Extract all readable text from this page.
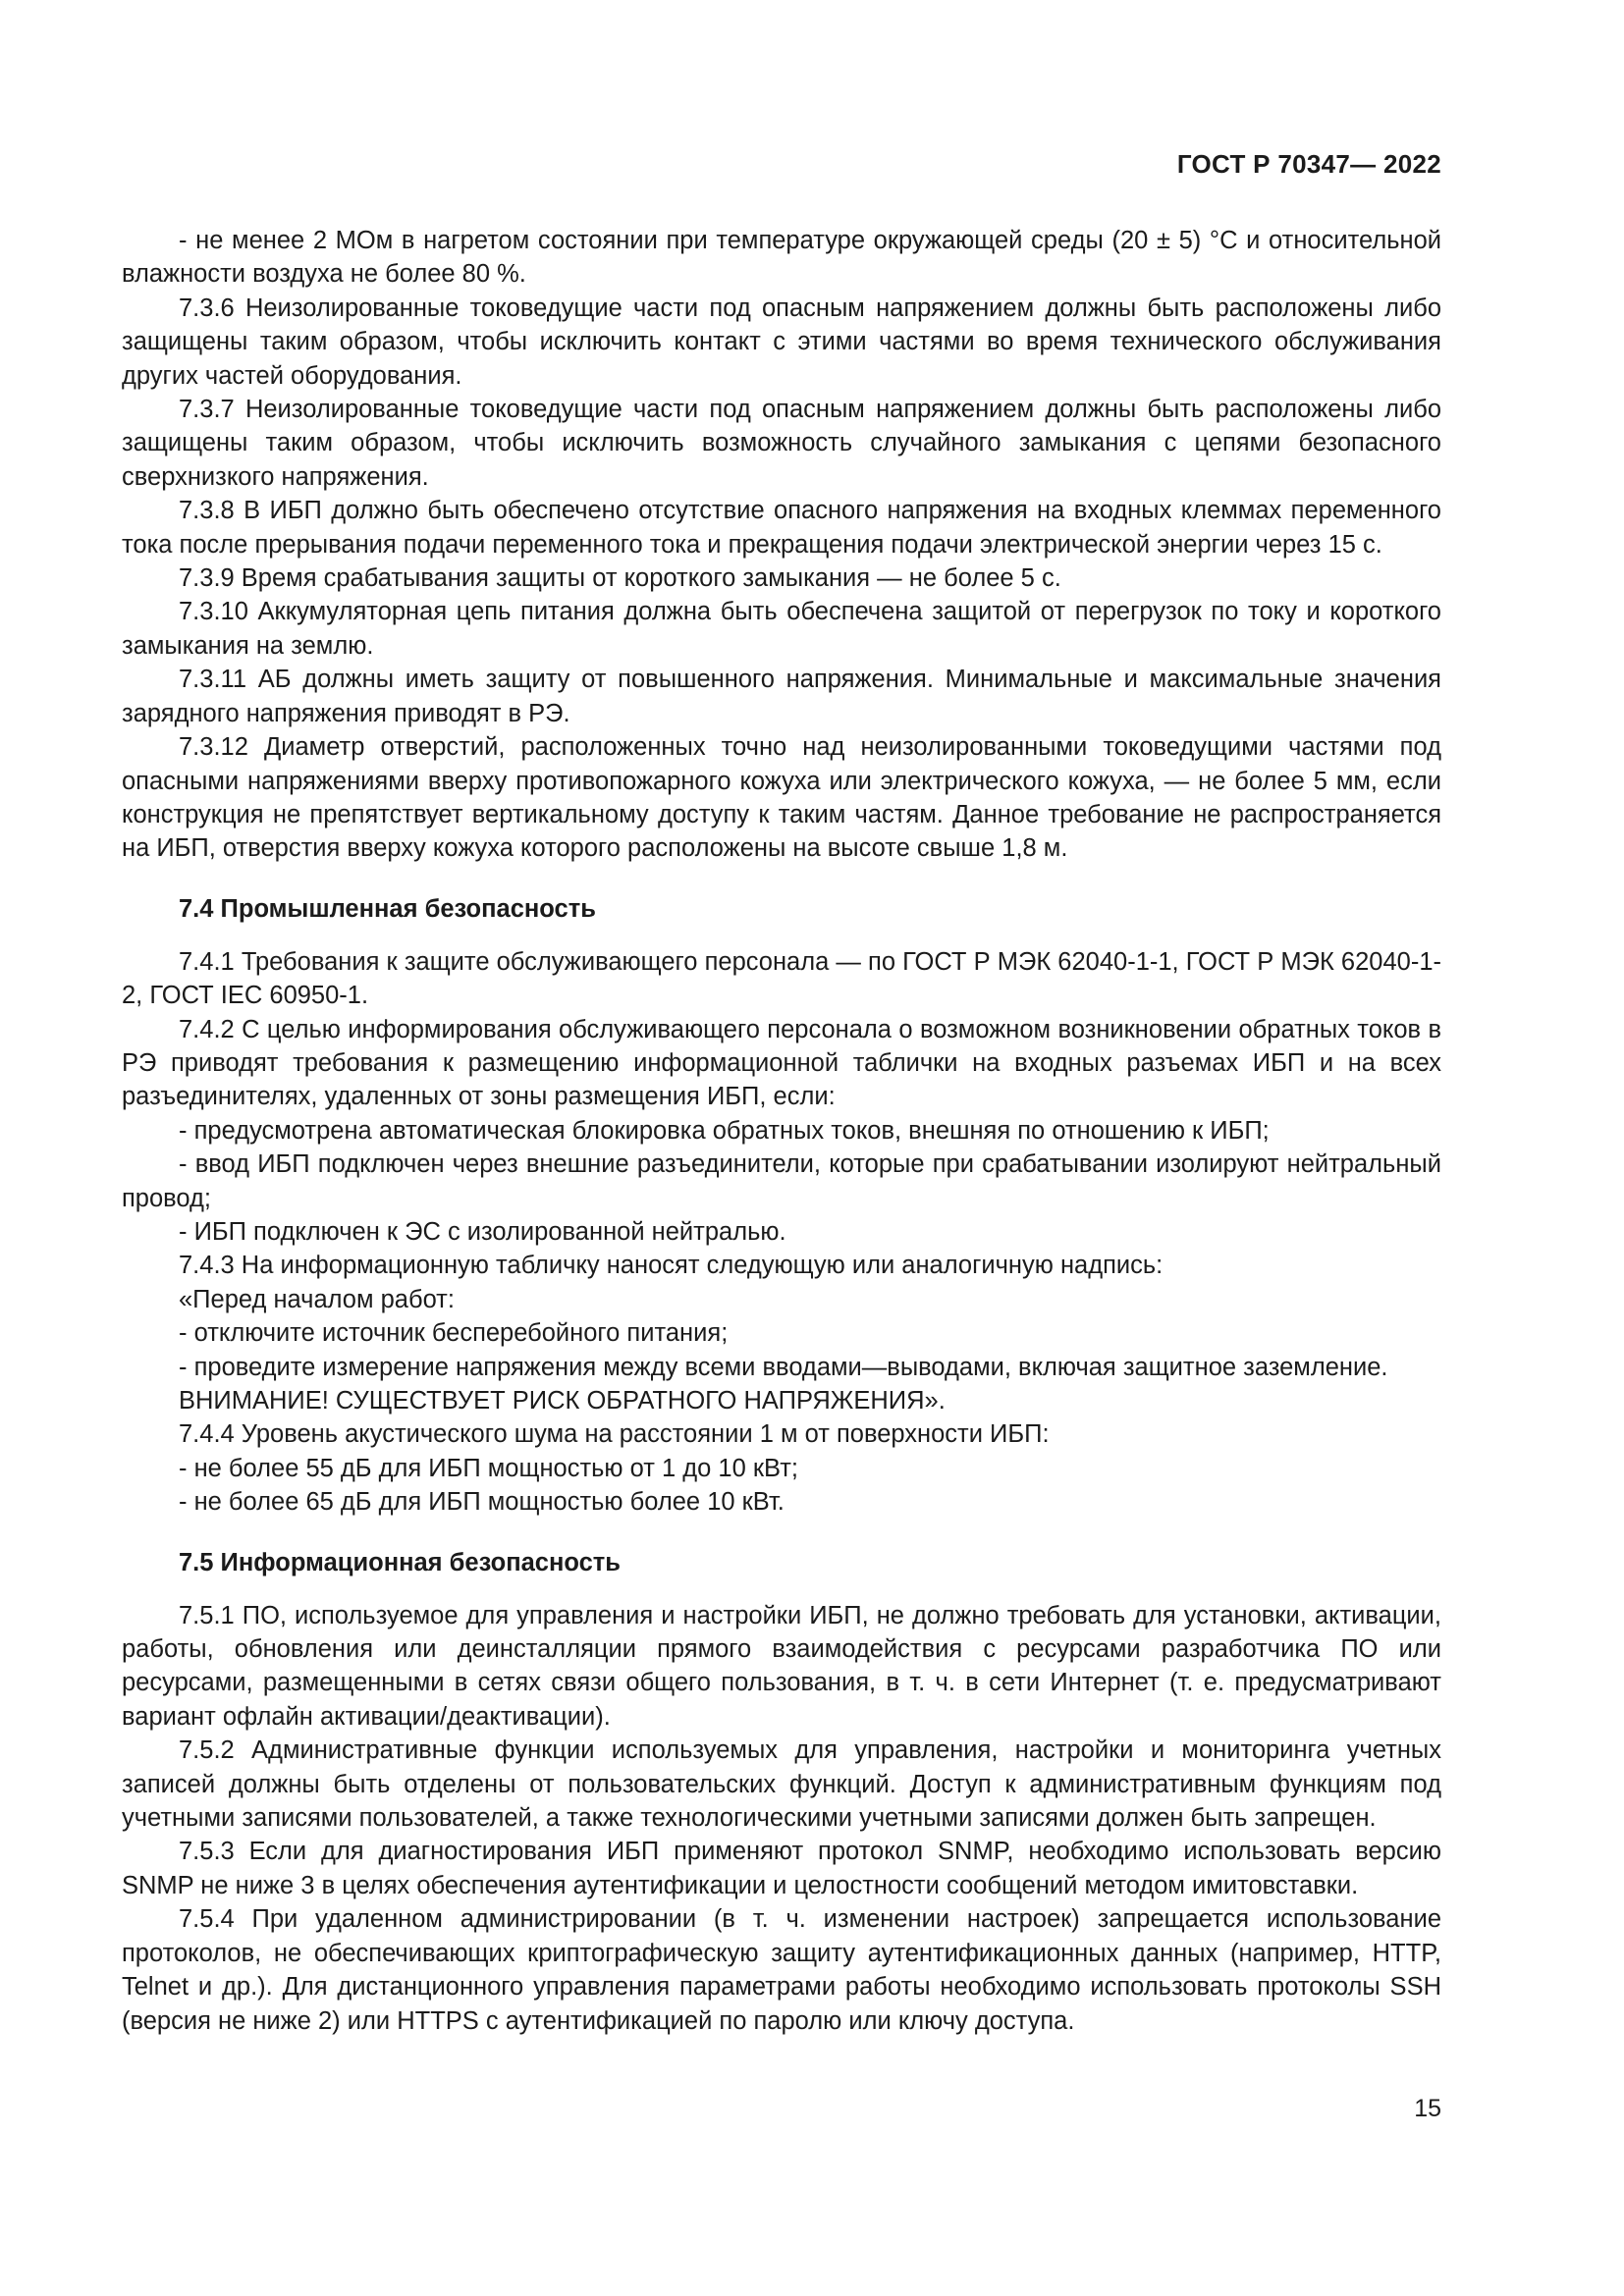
ГОСТ Р 70347— 2022

- не менее 2 МОм в нагретом состоянии при температуре окружающей среды (20 ± 5) °С и относительной влажности воздуха не более 80 %.

7.3.6 Неизолированные токоведущие части под опасным напряжением должны быть расположены либо защищены таким образом, чтобы исключить контакт с этими частями во время технического обслуживания других частей оборудования.

7.3.7 Неизолированные токоведущие части под опасным напряжением должны быть расположены либо защищены таким образом, чтобы исключить возможность случайного замыкания с цепями безопасного сверхнизкого напряжения.

7.3.8 В ИБП должно быть обеспечено отсутствие опасного напряжения на входных клеммах переменного тока после прерывания подачи переменного тока и прекращения подачи электрической энергии через 15 с.

7.3.9 Время срабатывания защиты от короткого замыкания — не более 5 с.

7.3.10 Аккумуляторная цепь питания должна быть обеспечена защитой от перегрузок по току и короткого замыкания на землю.

7.3.11 АБ должны иметь защиту от повышенного напряжения. Минимальные и максимальные значения зарядного напряжения приводят в РЭ.

7.3.12 Диаметр отверстий, расположенных точно над неизолированными токоведущими частями под опасными напряжениями вверху противопожарного кожуха или электрического кожуха, — не более 5 мм, если конструкция не препятствует вертикальному доступу к таким частям. Данное требование не распространяется на ИБП, отверстия вверху кожуха которого расположены на высоте свыше 1,8 м.

7.4 Промышленная безопасность

7.4.1 Требования к защите обслуживающего персонала — по ГОСТ Р МЭК 62040-1-1, ГОСТ Р МЭК 62040-1-2, ГОСТ IEC 60950-1.

7.4.2 С целью информирования обслуживающего персонала о возможном возникновении обратных токов в РЭ приводят требования к размещению информационной таблички на входных разъемах ИБП и на всех разъединителях, удаленных от зоны размещения ИБП, если:

- предусмотрена автоматическая блокировка обратных токов, внешняя по отношению к ИБП;

- ввод ИБП подключен через внешние разъединители, которые при срабатывании изолируют нейтральный провод;

- ИБП подключен к ЭС с изолированной нейтралью.

7.4.3 На информационную табличку наносят следующую или аналогичную надпись:

«Перед началом работ:

- отключите источник бесперебойного питания;

- проведите измерение напряжения между всеми вводами—выводами, включая защитное заземление.

ВНИМАНИЕ! СУЩЕСТВУЕТ РИСК ОБРАТНОГО НАПРЯЖЕНИЯ».

7.4.4 Уровень акустического шума на расстоянии 1 м от поверхности ИБП:

- не более 55 дБ для ИБП мощностью от 1 до 10 кВт;

- не более 65 дБ для ИБП мощностью более 10 кВт.

7.5 Информационная безопасность

7.5.1 ПО, используемое для управления и настройки ИБП, не должно требовать для установки, активации, работы, обновления или деинсталляции прямого взаимодействия с ресурсами разработчика ПО или ресурсами, размещенными в сетях связи общего пользования, в т. ч. в сети Интернет (т. е. предусматривают вариант офлайн активации/деактивации).

7.5.2 Административные функции используемых для управления, настройки и мониторинга учетных записей должны быть отделены от пользовательских функций. Доступ к административным функциям под учетными записями пользователей, а также технологическими учетными записями должен быть запрещен.

7.5.3 Если для диагностирования ИБП применяют протокол SNMP, необходимо использовать версию SNMP не ниже 3 в целях обеспечения аутентификации и целостности сообщений методом имитовставки.

7.5.4 При удаленном администрировании (в т. ч. изменении настроек) запрещается использование протоколов, не обеспечивающих криптографическую защиту аутентификационных данных (например, HTTP, Telnet и др.). Для дистанционного управления параметрами работы необходимо использовать протоколы SSH (версия не ниже 2) или HTTPS с аутентификацией по паролю или ключу доступа.

15
